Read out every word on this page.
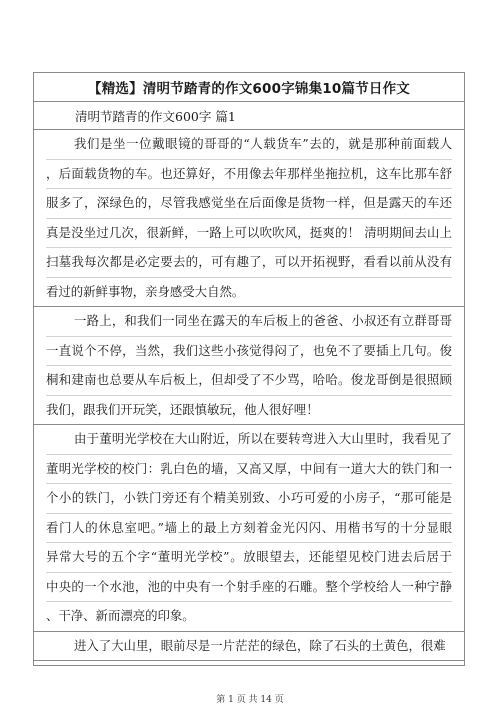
【精选】清明节踏青的作文600字锦集10篇节日作文
清明节踏青的作文600字 篇1
我们是坐一位戴眼镜的哥哥的“人载货车”去的，就是那种前面载人
，后面载货物的车。也还算好，不用像去年那样坐拖拉机，这车比那车舒
服多了，深绿色的，尽管我感觉坐在后面像是货物一样，但是露天的车还
真是没坐过几次，很新鲜，一路上可以吹吹风，挺爽的！ 清明期间去山上
扫墓我每次都是必定要去的，可有趣了，可以开拓视野，看看以前从没有
看过的新鲜事物，亲身感受大自然。
一路上，和我们一同坐在露天的车后板上的爸爸、小叔还有立群哥哥
一直说个不停，当然，我们这些小孩觉得闷了，也免不了要插上几句。俊
桐和建南也总要从车后板上，但却受了不少骂，哈哈。俊龙哥倒是很照顾
我们，跟我们开玩笑，还跟慎敏玩，他人很好哩！
由于董明光学校在大山附近，所以在要转弯进入大山里时，我看见了
董明光学校的校门：乳白色的墙，又高又厚，中间有一道大大的铁门和一
个小的铁门，小铁门旁还有个精美别致、小巧可爱的小房子，“那可能是
看门人的休息室吧。”墙上的最上方刻着金光闪闪、用楷书写的十分显眼
异常大号的五个字“董明光学校”。放眼望去，还能望见校门进去后居于
中央的一个水池，池的中央有一个射手座的石雕。整个学校给人一种宁静
、干净、新而漂亮的印象。
进入了大山里，眼前尽是一片茫茫的绿色，除了石头的土黄色，很难
第 1 页 共 14 页
